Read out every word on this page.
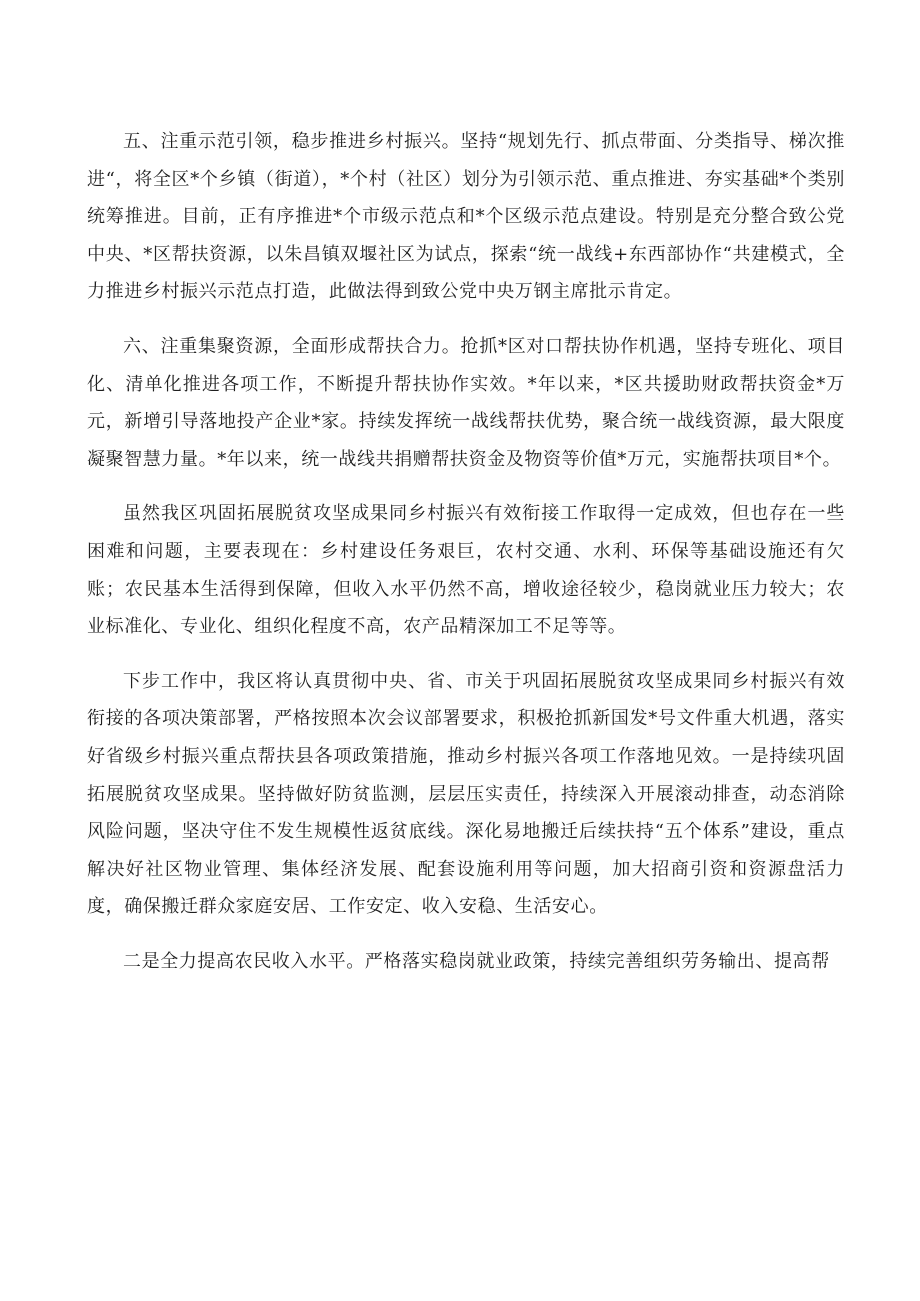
五、注重示范引领，稳步推进乡村振兴。坚持“规划先行、抓点带面、分类指导、梯次推进“，将全区*个乡镇（街道），*个村（社区）划分为引领示范、重点推进、夯实基础*个类别统筹推进。目前，正有序推进*个市级示范点和*个区级示范点建设。特别是充分整合致公党中央、*区帮扶资源，以朱昌镇双堰社区为试点，探索“统一战线+东西部协作“共建模式，全力推进乡村振兴示范点打造，此做法得到致公党中央万钢主席批示肯定。

六、注重集聚资源，全面形成帮扶合力。抢抓*区对口帮扶协作机遇，坚持专班化、项目化、清单化推进各项工作，不断提升帮扶协作实效。*年以来，*区共援助财政帮扶资金*万元，新增引导落地投产企业*家。持续发挥统一战线帮扶优势，聚合统一战线资源，最大限度凝聚智慧力量。*年以来，统一战线共捐赠帮扶资金及物资等价值*万元，实施帮扶项目*个。

虽然我区巩固拓展脱贫攻坚成果同乡村振兴有效衔接工作取得一定成效，但也存在一些困难和问题，主要表现在：乡村建设任务艰巨，农村交通、水利、环保等基础设施还有欠账；农民基本生活得到保障，但收入水平仍然不高，增收途径较少，稳岗就业压力较大；农业标准化、专业化、组织化程度不高，农产品精深加工不足等等。

下步工作中，我区将认真贯彻中央、省、市关于巩固拓展脱贫攻坚成果同乡村振兴有效衔接的各项决策部署，严格按照本次会议部署要求，积极抢抓新国发*号文件重大机遇，落实好省级乡村振兴重点帮扶县各项政策措施，推动乡村振兴各项工作落地见效。一是持续巩固拓展脱贫攻坚成果。坚持做好防贫监测，层层压实责任，持续深入开展滚动排查，动态消除风险问题，坚决守住不发生规模性返贫底线。深化易地搬迁后续扶持“五个体系”建设，重点解决好社区物业管理、集体经济发展、配套设施利用等问题，加大招商引资和资源盘活力度，确保搬迁群众家庭安居、工作安定、收入安稳、生活安心。

二是全力提高农民收入水平。严格落实稳岗就业政策，持续完善组织劳务输出、提高帮
